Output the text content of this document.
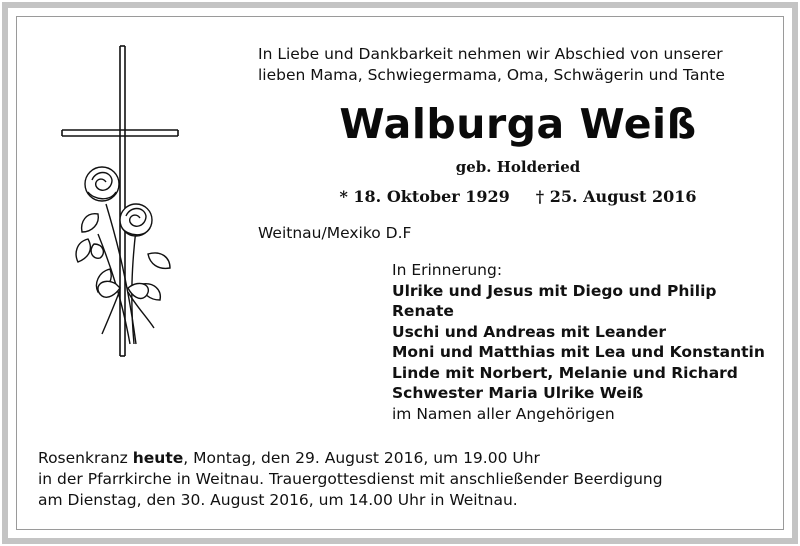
In Liebe und Dankbarkeit nehmen wir Abschied von unserer
lieben Mama, Schwiegermama, Oma, Schwägerin und Tante
Walburga Weiß
geb. Holderied
* 18. Oktober 1929 † 25. August 2016
Weitnau/Mexiko D.F
In Erinnerung:
Ulrike und Jesus mit Diego und Philip
Renate
Uschi und Andreas mit Leander
Moni und Matthias mit Lea und Konstantin
Linde mit Norbert, Melanie und Richard
Schwester Maria Ulrike Weiß
im Namen aller Angehörigen
Rosenkranz heute, Montag, den 29. August 2016, um 19.00 Uhr
in der Pfarrkirche in Weitnau. Trauergottesdienst mit anschließender Beerdigung
am Dienstag, den 30. August 2016, um 14.00 Uhr in Weitnau.
